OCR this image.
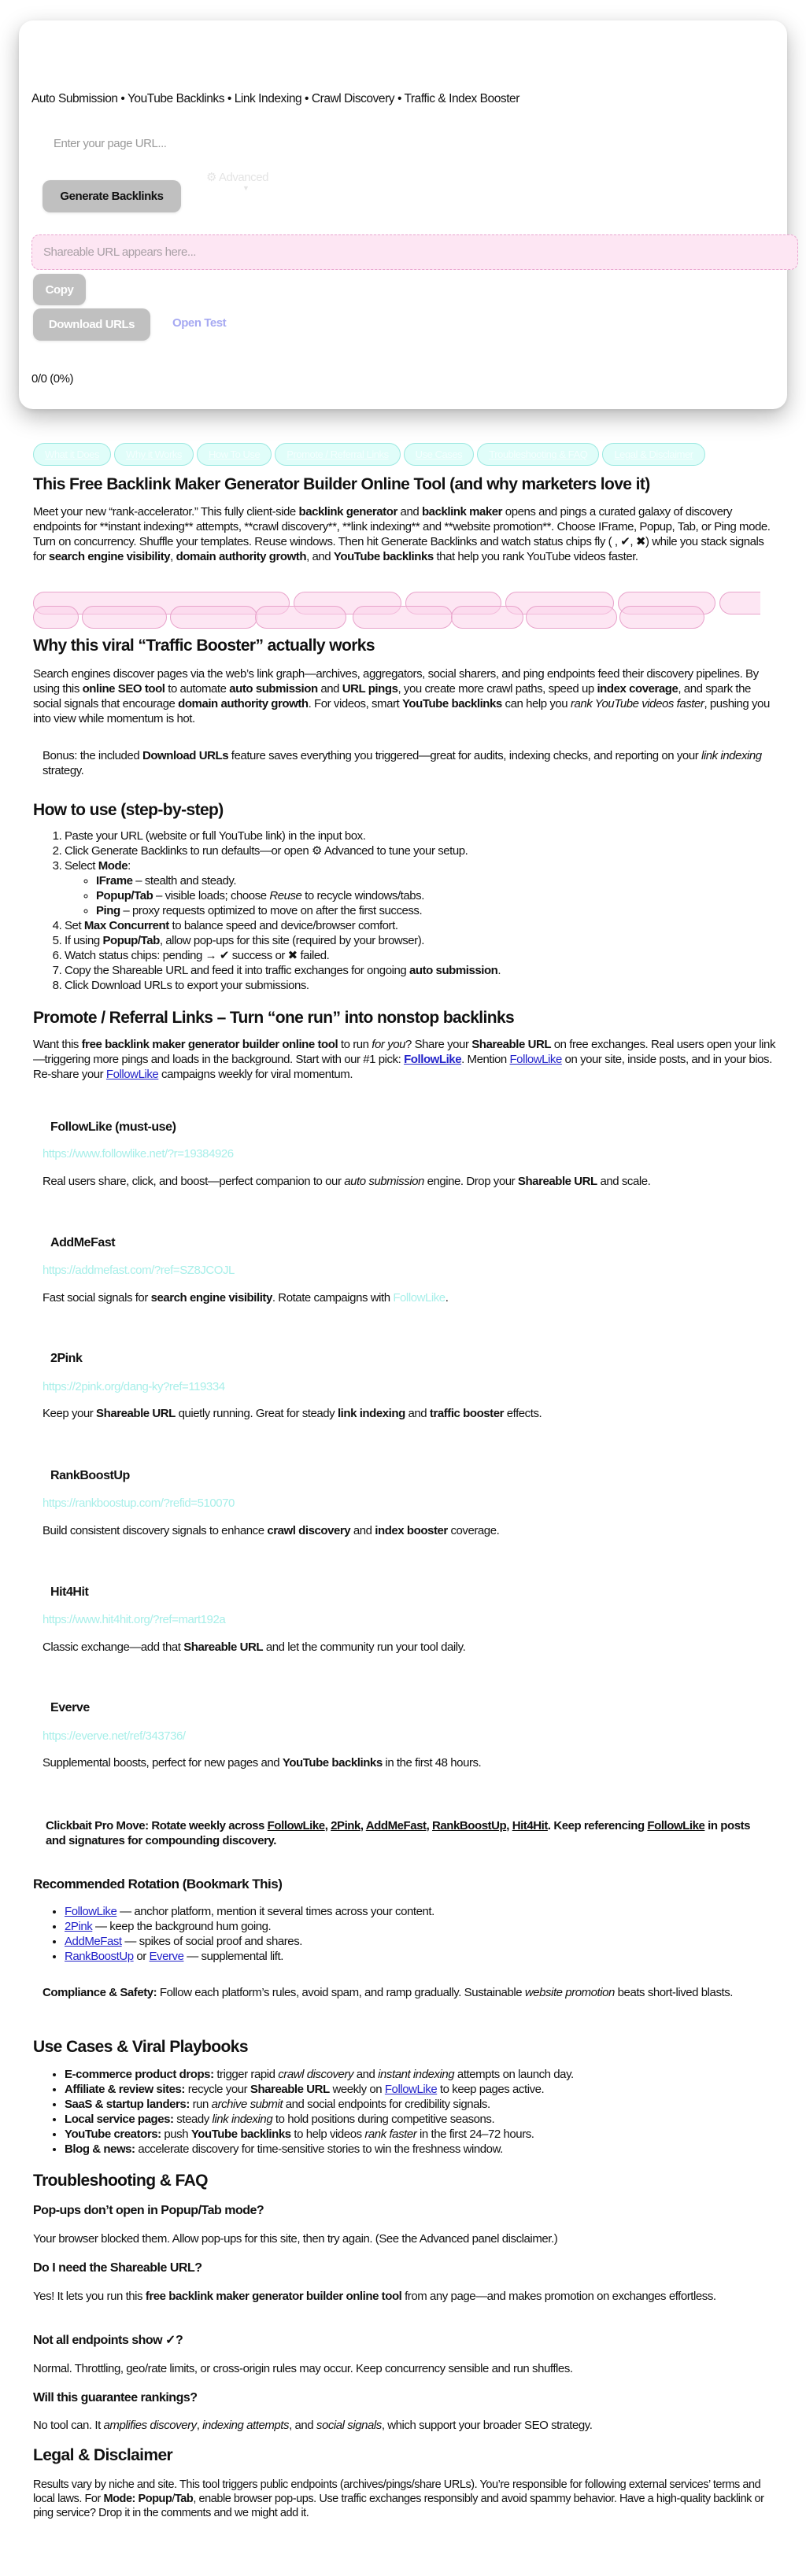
Auto Submission • YouTube Backlinks • Link Indexing • Crawl Discovery • Traffic & Index Booster
Enter your page URL...
Generate Backlinks
⚙ Advanced
▼
Shareable URL appears here...
Copy
Download URLs	Open Test
0/0 (0%)
What it Does	Why it Works	How To Use	Promote / Referral Links	Use Cases	Troubleshooting & FAQ	Legal & Disclaimer
This Free Backlink Maker Generator Builder Online Tool (and why marketers love it)

Meet your new “rank-accelerator.” This fully client-side backlink generator and backlink maker opens and pings a curated galaxy of discovery endpoints for **instant indexing** attempts, **crawl discovery**, **link indexing** and **website promotion**. Choose IFrame, Popup, Tab, or Ping mode. Turn on concurrency. Shuffle your templates. Reuse windows. Then hit Generate Backlinks and watch status chips fly ( , ✔, ✖) while you stack signals for search engine visibility, domain authority growth, and YouTube backlinks that help you rank YouTube videos faster.

Why this viral “Traffic Booster” actually works

Search engines discover pages via the web’s link graph—archives, aggregators, social sharers, and ping endpoints feed their discovery pipelines. By using this online SEO tool to automate auto submission and URL pings, you create more crawl paths, speed up index coverage, and spark the social signals that encourage domain authority growth. For videos, smart YouTube backlinks can help you rank YouTube videos faster, pushing you into view while momentum is hot.

Bonus: the included Download URLs feature saves everything you triggered—great for audits, indexing checks, and reporting on your link indexing strategy.

How to use (step-by-step)
1. Paste your URL (website or full YouTube link) in the input box.
2. Click Generate Backlinks to run defaults—or open ⚙ Advanced to tune your setup.
3. Select Mode:
◦ IFrame – stealth and steady.
◦ Popup/Tab – visible loads; choose Reuse to recycle windows/tabs.
◦ Ping – proxy requests optimized to move on after the first success.
4. Set Max Concurrent to balance speed and device/browser comfort.
5. If using Popup/Tab, allow pop-ups for this site (required by your browser).
6. Watch status chips: pending → ✔ success or ✖ failed.
7. Copy the Shareable URL and feed it into traffic exchanges for ongoing auto submission.
8. Click Download URLs to export your submissions.
Promote / Referral Links – Turn “one run” into nonstop backlinks

Want this free backlink maker generator builder online tool to run for you? Share your Shareable URL on free exchanges. Real users open your link—triggering more pings and loads in the background. Start with our #1 pick: FollowLike. Mention FollowLike on your site, inside posts, and in your bios. Re-share your FollowLike campaigns weekly for viral momentum.

FollowLike (must-use)
https://www.followlike.net/?r=19384926

Real users share, click, and boost—perfect companion to our auto submission engine. Drop your Shareable URL and scale.

AddMeFast
https://addmefast.com/?ref=SZ8JCOJL

Fast social signals for search engine visibility. Rotate campaigns with FollowLike.

2Pink
https://2pink.org/dang-ky?ref=119334

Keep your Shareable URL quietly running. Great for steady link indexing and traffic booster effects.

RankBoostUp
https://rankboostup.com/?refid=510070

Build consistent discovery signals to enhance crawl discovery and index booster coverage.

Hit4Hit
https://www.hit4hit.org/?ref=mart192a

Classic exchange—add that Shareable URL and let the community run your tool daily.

Everve
https://everve.net/ref/343736/

Supplemental boosts, perfect for new pages and YouTube backlinks in the first 48 hours.

Clickbait Pro Move: Rotate weekly across FollowLike, 2Pink, AddMeFast, RankBoostUp, Hit4Hit. Keep referencing FollowLike in posts and signatures for compounding discovery.

Recommended Rotation (Bookmark This)
• FollowLike — anchor platform, mention it several times across your content.
• 2Pink — keep the background hum going.
• AddMeFast — spikes of social proof and shares.
• RankBoostUp or Everve — supplemental lift.

Compliance & Safety: Follow each platform’s rules, avoid spam, and ramp gradually. Sustainable website promotion beats short-lived blasts.

Use Cases & Viral Playbooks
• E-commerce product drops: trigger rapid crawl discovery and instant indexing attempts on launch day.
• Affiliate & review sites: recycle your Shareable URL weekly on FollowLike to keep pages active.
• SaaS & startup landers: run archive submit and social endpoints for credibility signals.
• Local service pages: steady link indexing to hold positions during competitive seasons.
• YouTube creators: push YouTube backlinks to help videos rank faster in the first 24–72 hours.
• Blog & news: accelerate discovery for time-sensitive stories to win the freshness window.
Troubleshooting & FAQ
Pop-ups don’t open in Popup/Tab mode?

Your browser blocked them. Allow pop-ups for this site, then try again. (See the Advanced panel disclaimer.)

Do I need the Shareable URL?

Yes! It lets you run this free backlink maker generator builder online tool from any page—and makes promotion on exchanges effortless.

Not all endpoints show ✓?

Normal. Throttling, geo/rate limits, or cross-origin rules may occur. Keep concurrency sensible and run shuffles.

Will this guarantee rankings?

No tool can. It amplifies discovery, indexing attempts, and social signals, which support your broader SEO strategy.

Legal & Disclaimer

Results vary by niche and site. This tool triggers public endpoints (archives/pings/share URLs). You’re responsible for following external services’ terms and local laws. For Mode: Popup/Tab, enable browser pop-ups. Use traffic exchanges responsibly and avoid spammy behavior. Have a high-quality backlink or ping service? Drop it in the comments and we might add it.
